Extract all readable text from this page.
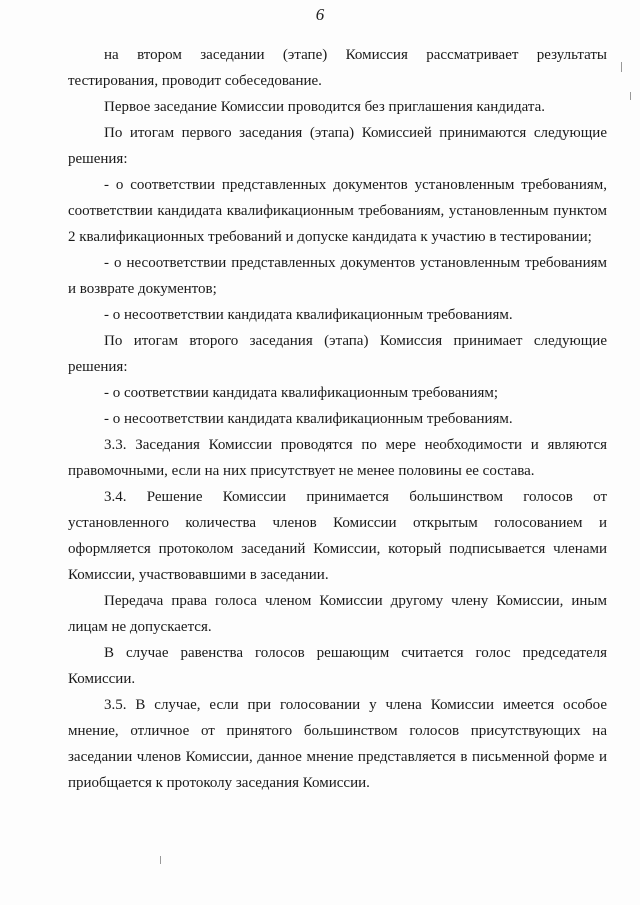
6

на втором заседании (этапе) Комиссия рассматривает результаты тестирования, проводит собеседование.

Первое заседание Комиссии проводится без приглашения кандидата.

По итогам первого заседания (этапа) Комиссией принимаются следующие решения:

- о соответствии представленных документов установленным требованиям, соответствии кандидата квалификационным требованиям, установленным пунктом 2 квалификационных требований и допуске кандидата к участию в тестировании;

- о несоответствии представленных документов установленным требованиям и возврате документов;

- о несоответствии кандидата квалификационным требованиям.

По итогам второго заседания (этапа) Комиссия принимает следующие решения:

- о соответствии кандидата квалификационным требованиям;

- о несоответствии кандидата квалификационным требованиям.

3.3. Заседания Комиссии проводятся по мере необходимости и являются правомочными, если на них присутствует не менее половины ее состава.

3.4. Решение Комиссии принимается большинством голосов от установленного количества членов Комиссии открытым голосованием и оформляется протоколом заседаний Комиссии, который подписывается членами Комиссии, участвовавшими в заседании.

Передача права голоса членом Комиссии другому члену Комиссии, иным лицам не допускается.

В случае равенства голосов решающим считается голос председателя Комиссии.

3.5. В случае, если при голосовании у члена Комиссии имеется особое мнение, отличное от принятого большинством голосов присутствующих на заседании членов Комиссии, данное мнение представляется в письменной форме и приобщается к протоколу заседания Комиссии.
